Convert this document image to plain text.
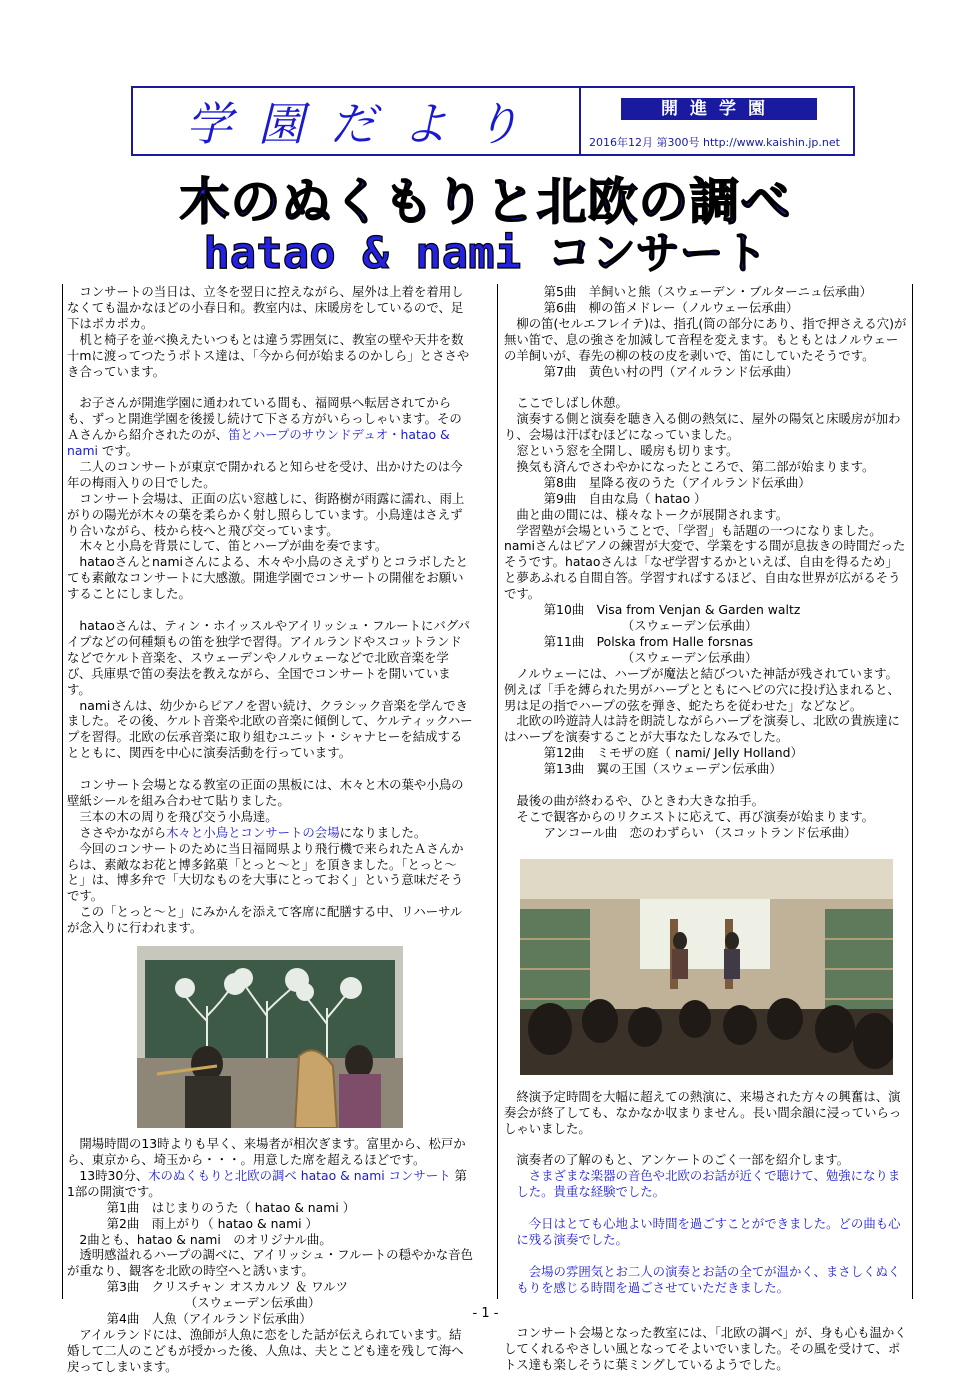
学園だより	開進学園
2016年12月 第300号 http://www.kaishin.jp.net
木のぬくもりと北欧の調べ
hatao & nami コンサート

コンサートの当日は、立冬を翌日に控えながら、屋外は上着を着用しなくても温かなほどの小春日和。教室内は、床暖房をしているので、足下はポカポカ。

机と椅子を並べ換えたいつもとは違う雰囲気に、教室の壁や天井を数十mに渡ってつたうポトス達は、「今から何が始まるのかしら」とささやき合っています。

お子さんが開進学園に通われている間も、福岡県へ転居されてからも、ずっと開進学園を後援し続けて下さる方がいらっしゃいます。そのＡさんから紹介されたのが、笛とハープのサウンドデュオ・hatao & nami です。

二人のコンサートが東京で開かれると知らせを受け、出かけたのは今年の梅雨入りの日でした。

コンサート会場は、正面の広い窓越しに、街路樹が雨露に濡れ、雨上がりの陽光が木々の葉を柔らかく射し照らしています。小鳥達はさえずり合いながら、枝から枝へと飛び交っています。

木々と小鳥を背景にして、笛とハープが曲を奏でます。

hataoさんとnamiさんによる、木々や小鳥のさえずりとコラボしたとても素敵なコンサートに大感激。開進学園でコンサートの開催をお願いすることにしました。

hataoさんは、ティン・ホイッスルやアイリッシュ・フルートにバグパイプなどの何種類もの笛を独学で習得。アイルランドやスコットランドなどでケルト音楽を、スウェーデンやノルウェーなどで北欧音楽を学び、兵庫県で笛の奏法を教えながら、全国でコンサートを開いています。

namiさんは、幼少からピアノを習い続け、クラシック音楽を学んできました。その後、ケルト音楽や北欧の音楽に傾倒して、ケルティックハープを習得。北欧の伝承音楽に取り組むユニット・シャナヒーを結成するとともに、関西を中心に演奏活動を行っています。

コンサート会場となる教室の正面の黒板には、木々と木の葉や小鳥の壁紙シールを組み合わせて貼りました。

三本の木の周りを飛び交う小鳥達。

ささやかながら木々と小鳥とコンサートの会場になりました。

今回のコンサートのために当日福岡県より飛行機で来られたＡさんからは、素敵なお花と博多銘菓「とっと～と」を頂きました。「とっと～と」は、博多弁で「大切なものを大事にとっておく」という意味だそうです。

この「とっと～と」にみかんを添えて客席に配膳する中、リハーサルが念入りに行われます。

開場時間の13時よりも早く、来場者が相次ぎます。富里から、松戸から、東京から、埼玉から・・・。用意した席を超えるほどです。

13時30分、木のぬくもりと北欧の調べ hatao & nami コンサート 第1部の開演です。

第1曲　はじまりのうた（ hatao & nami ）

第2曲　雨上がり（ hatao & nami ）

2曲とも、hatao & nami　のオリジナル曲。

透明感溢れるハープの調べに、アイリッシュ・フルートの穏やかな音色が重なり、観客を北欧の時空へと誘います。

第3曲　クリスチャン オスカルソ ＆ ワルツ

（スウェーデン伝承曲）

第4曲　人魚（アイルランド伝承曲）

アイルランドには、漁師が人魚に恋をした話が伝えられています。結婚して二人のこどもが授かった後、人魚は、夫とこども達を残して海へ戻ってしまいます。

第5曲　羊飼いと熊（スウェーデン・ブルターニュ伝承曲）

第6曲　柳の笛メドレー（ノルウェー伝承曲）

柳の笛(セルエフレイテ)は、指孔(筒の部分にあり、指で押さえる穴)が無い笛で、息の強さを加減して音程を変えます。もともとはノルウェーの羊飼いが、春先の柳の枝の皮を剥いで、笛にしていたそうです。

第7曲　黄色い村の門（アイルランド伝承曲）

ここでしばし休憩。

演奏する側と演奏を聴き入る側の熱気に、屋外の陽気と床暖房が加わり、会場は汗ばむほどになっていました。

窓という窓を全開し、暖房も切ります。

換気も済んでさわやかになったところで、第二部が始まります。

第8曲　星降る夜のうた（アイルランド伝承曲）

第9曲　自由な鳥（ hatao ）

曲と曲の間には、様々なトークが展開されます。

学習塾が会場ということで、「学習」も話題の一つになりました。namiさんはピアノの練習が大変で、学業をする間が息抜きの時間だったそうです。hataoさんは「なぜ学習するかといえば、自由を得るため」と夢あふれる自間自答。学習すればするほど、自由な世界が広がるそうです。

第10曲　Visa from Venjan & Garden waltz

（スウェーデン伝承曲）

第11曲　Polska from Halle forsnas

（スウェーデン伝承曲）

ノルウェーには、ハープが魔法と結びついた神話が残されています。例えば「手を縛られた男がハープとともにヘビの穴に投げ込まれると、男は足の指でハープの弦を弾き、蛇たちを従わせた」などなど。

北欧の吟遊詩人は詩を朗読しながらハープを演奏し、北欧の貴族達にはハープを演奏することが大事なたしなみでした。

第12曲　ミモザの庭（ nami/ Jelly Holland）

第13曲　翼の王国（スウェーデン伝承曲）

最後の曲が終わるや、ひときわ大きな拍手。

そこで観客からのリクエストに応えて、再び演奏が始まります。

アンコール曲　恋のわずらい （スコットランド伝承曲）

終演予定時間を大幅に超えての熱演に、来場された方々の興奮は、演奏会が終了しても、なかなか収まりません。長い間余韻に浸っていらっしゃいました。

演奏者の了解のもと、アンケートのごく一部を紹介します。

さまざまな楽器の音色や北欧のお話が近くで聴けて、勉強になりました。貴重な経験でした。

今日はとても心地よい時間を過ごすことができました。どの曲も心に残る演奏でした。

会場の雰囲気とお二人の演奏とお話の全てが温かく、まさしくぬくもりを感じる時間を過ごさせていただきました。

コンサート会場となった教室には、「北欧の調べ」が、身も心も温かくしてくれるやさしい風となってそよいでいました。その風を受けて、ポトス達も楽しそうに葉ミングしているようでした。

- 1 -
